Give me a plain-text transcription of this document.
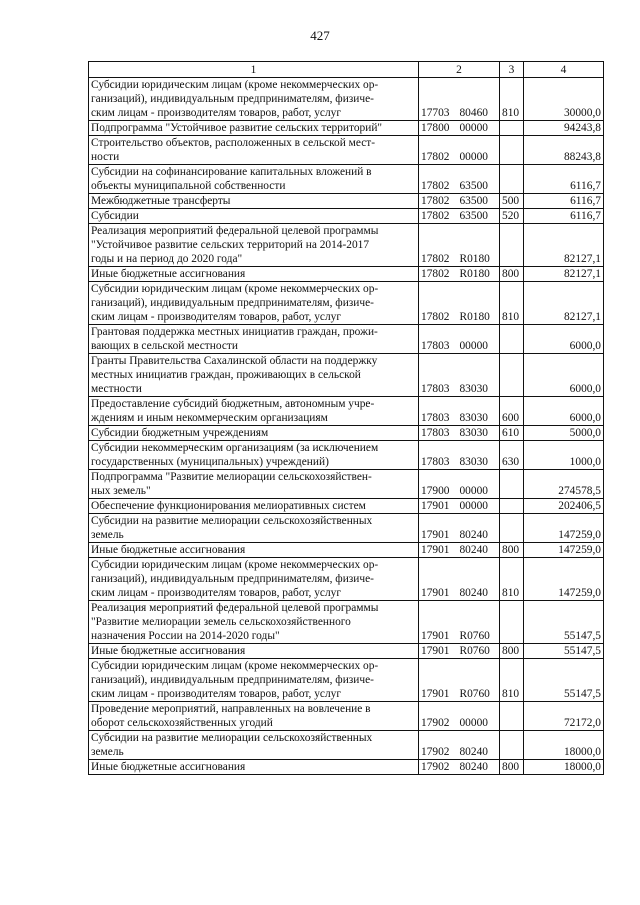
427
1	2	3	4
Субсидии юридическим лицам (кроме некоммерческих ор-
ганизаций), индивидуальным предпринимателям, физиче-
ским лицам - производителям товаров, работ, услуг	17703 80460	810	30000,0
Подпрограмма "Устойчивое развитие сельских территорий"	17800 00000		94243,8
Строительство объектов, расположенных в сельской мест-
ности	17802 00000		88243,8
Субсидии на софинансирование капитальных вложений в
объекты муниципальной собственности	17802 63500		6116,7
Межбюджетные трансферты	17802 63500	500	6116,7
Субсидии	17802 63500	520	6116,7
Реализация мероприятий федеральной целевой программы
"Устойчивое развитие сельских территорий на 2014-2017
годы и на период до 2020 года"	17802 R0180		82127,1
Иные бюджетные ассигнования	17802 R0180	800	82127,1
Субсидии юридическим лицам (кроме некоммерческих ор-
ганизаций), индивидуальным предпринимателям, физиче-
ским лицам - производителям товаров, работ, услуг	17802 R0180	810	82127,1
Грантовая поддержка местных инициатив граждан, прожи-
вающих в сельской местности	17803 00000		6000,0
Гранты Правительства Сахалинской области на поддержку
местных инициатив граждан, проживающих в сельской
местности	17803 83030		6000,0
Предоставление субсидий бюджетным, автономным учре-
ждениям и иным некоммерческим организациям	17803 83030	600	6000,0
Субсидии бюджетным учреждениям	17803 83030	610	5000,0
Субсидии некоммерческим организациям (за исключением
государственных (муниципальных) учреждений)	17803 83030	630	1000,0
Подпрограмма "Развитие мелиорации сельскохозяйствен-
ных земель"	17900 00000		274578,5
Обеспечение функционирования мелиоративных систем	17901 00000		202406,5
Субсидии на развитие мелиорации сельскохозяйственных
земель	17901 80240		147259,0
Иные бюджетные ассигнования	17901 80240	800	147259,0
Субсидии юридическим лицам (кроме некоммерческих ор-
ганизаций), индивидуальным предпринимателям, физиче-
ским лицам - производителям товаров, работ, услуг	17901 80240	810	147259,0
Реализация мероприятий федеральной целевой программы
"Развитие мелиорации земель сельскохозяйственного
назначения России на 2014-2020 годы"	17901 R0760		55147,5
Иные бюджетные ассигнования	17901 R0760	800	55147,5
Субсидии юридическим лицам (кроме некоммерческих ор-
ганизаций), индивидуальным предпринимателям, физиче-
ским лицам - производителям товаров, работ, услуг	17901 R0760	810	55147,5
Проведение мероприятий, направленных на вовлечение в
оборот сельскохозяйственных угодий	17902 00000		72172,0
Субсидии на развитие мелиорации сельскохозяйственных
земель	17902 80240		18000,0
Иные бюджетные ассигнования	17902 80240	800	18000,0
